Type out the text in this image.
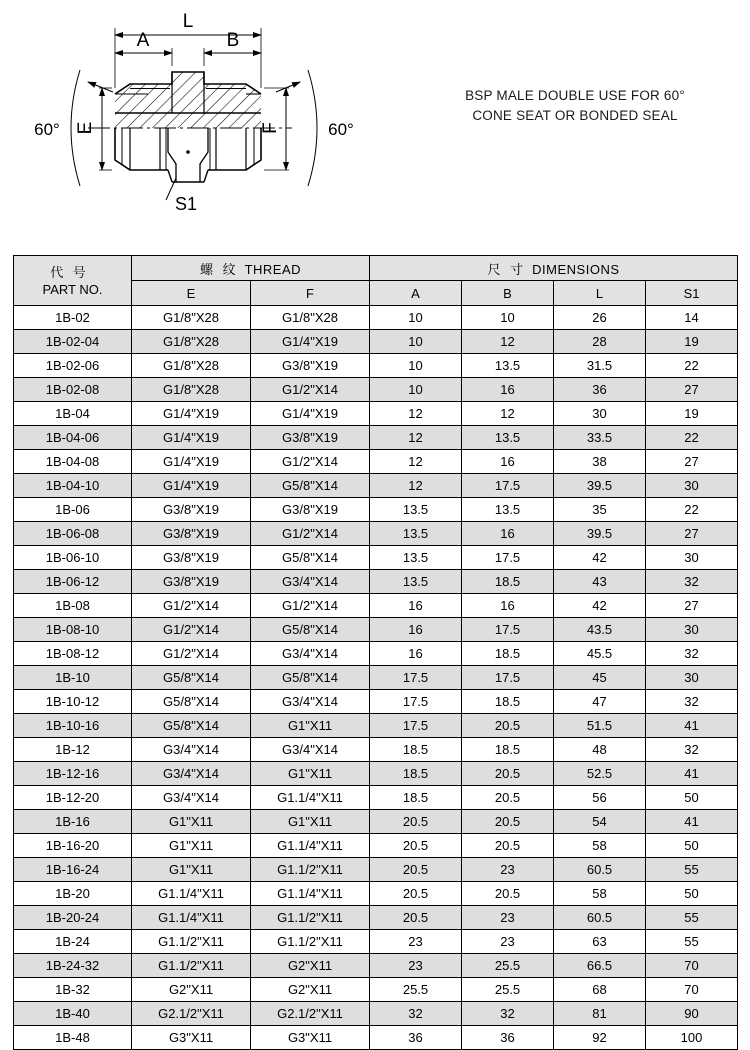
L
A	B
E	F
60°	60°
S1
BSP MALE DOUBLE USE FOR 60°
CONE SEAT OR BONDED SEAL
代 号
PART NO.	螺 纹 THREAD		尺 寸 DIMENSIONS			
	E	F	A	B	L	S1
1B-02	G1/8"X28	G1/8"X28	10	10	26	14
1B-02-04	G1/8"X28	G1/4"X19	10	12	28	19
1B-02-06	G1/8"X28	G3/8"X19	10	13.5	31.5	22
1B-02-08	G1/8"X28	G1/2"X14	10	16	36	27
1B-04	G1/4"X19	G1/4"X19	12	12	30	19
1B-04-06	G1/4"X19	G3/8"X19	12	13.5	33.5	22
1B-04-08	G1/4"X19	G1/2"X14	12	16	38	27
1B-04-10	G1/4"X19	G5/8"X14	12	17.5	39.5	30
1B-06	G3/8"X19	G3/8"X19	13.5	13.5	35	22
1B-06-08	G3/8"X19	G1/2"X14	13.5	16	39.5	27
1B-06-10	G3/8"X19	G5/8"X14	13.5	17.5	42	30
1B-06-12	G3/8"X19	G3/4"X14	13.5	18.5	43	32
1B-08	G1/2"X14	G1/2"X14	16	16	42	27
1B-08-10	G1/2"X14	G5/8"X14	16	17.5	43.5	30
1B-08-12	G1/2"X14	G3/4"X14	16	18.5	45.5	32
1B-10	G5/8"X14	G5/8"X14	17.5	17.5	45	30
1B-10-12	G5/8"X14	G3/4"X14	17.5	18.5	47	32
1B-10-16	G5/8"X14	G1"X11	17.5	20.5	51.5	41
1B-12	G3/4"X14	G3/4"X14	18.5	18.5	48	32
1B-12-16	G3/4"X14	G1"X11	18.5	20.5	52.5	41
1B-12-20	G3/4"X14	G1.1/4"X11	18.5	20.5	56	50
1B-16	G1"X11	G1"X11	20.5	20.5	54	41
1B-16-20	G1"X11	G1.1/4"X11	20.5	20.5	58	50
1B-16-24	G1"X11	G1.1/2"X11	20.5	23	60.5	55
1B-20	G1.1/4"X11	G1.1/4"X11	20.5	20.5	58	50
1B-20-24	G1.1/4"X11	G1.1/2"X11	20.5	23	60.5	55
1B-24	G1.1/2"X11	G1.1/2"X11	23	23	63	55
1B-24-32	G1.1/2"X11	G2"X11	23	25.5	66.5	70
1B-32	G2"X11	G2"X11	25.5	25.5	68	70
1B-40	G2.1/2"X11	G2.1/2"X11	32	32	81	90
1B-48	G3"X11	G3"X11	36	36	92	100
